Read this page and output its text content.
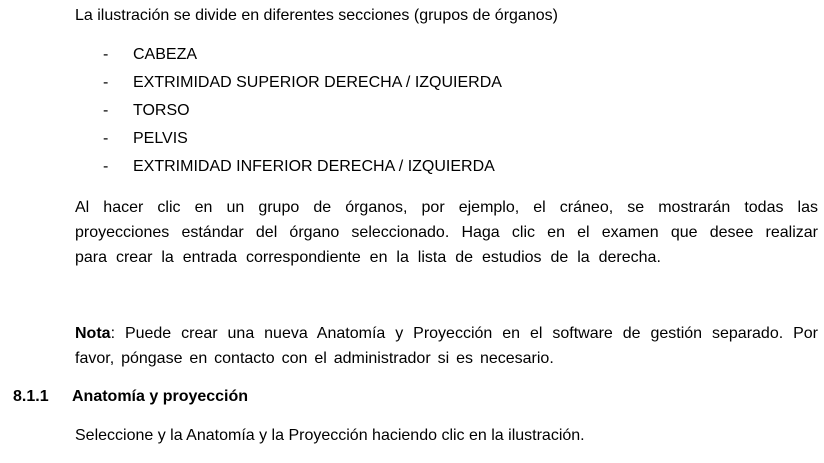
La ilustración se divide en diferentes secciones (grupos de órganos)

-	CABEZA
-	EXTRIMIDAD SUPERIOR DERECHA / IZQUIERDA
-	TORSO
-	PELVIS
-	EXTRIMIDAD INFERIOR DERECHA / IZQUIERDA

Al hacer clic en un grupo de órganos, por ejemplo, el cráneo, se mostrarán todas las proyecciones estándar del órgano seleccionado. Haga clic en el examen que desee realizar para crear la entrada correspondiente en la lista de estudios de la derecha.

Nota: Puede crear una nueva Anatomía y Proyección en el software de gestión separado. Por favor, póngase en contacto con el administrador si es necesario.

8.1.1 Anatomía y proyección

Seleccione y la Anatomía y la Proyección haciendo clic en la ilustración.
